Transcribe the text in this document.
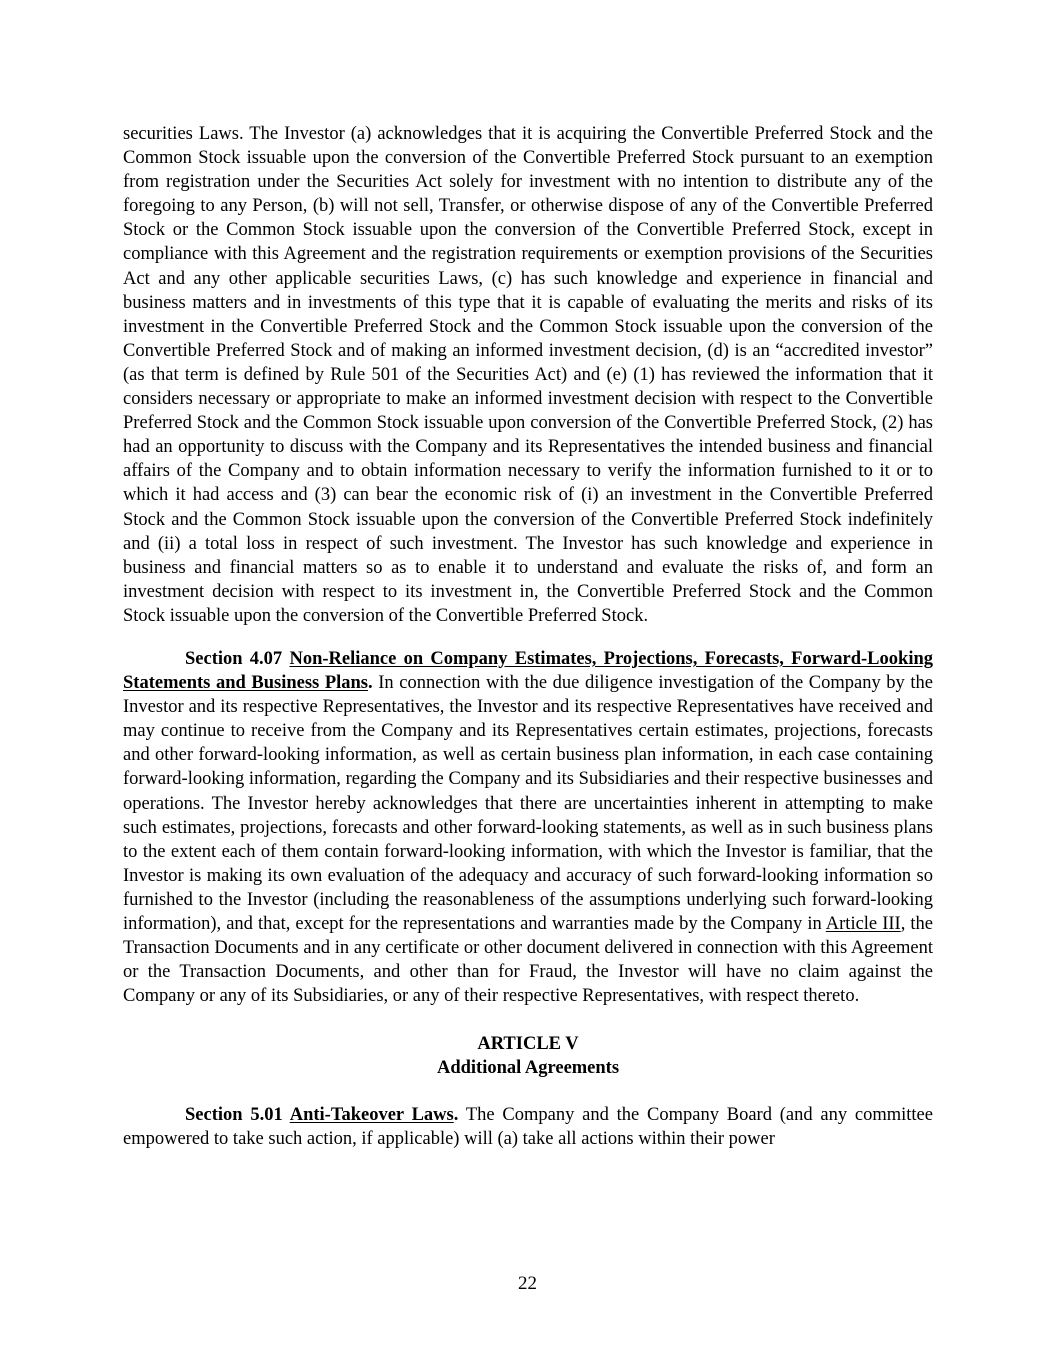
securities Laws. The Investor (a) acknowledges that it is acquiring the Convertible Preferred Stock and the Common Stock issuable upon the conversion of the Convertible Preferred Stock pursuant to an exemption from registration under the Securities Act solely for investment with no intention to distribute any of the foregoing to any Person, (b) will not sell, Transfer, or otherwise dispose of any of the Convertible Preferred Stock or the Common Stock issuable upon the conversion of the Convertible Preferred Stock, except in compliance with this Agreement and the registration requirements or exemption provisions of the Securities Act and any other applicable securities Laws, (c) has such knowledge and experience in financial and business matters and in investments of this type that it is capable of evaluating the merits and risks of its investment in the Convertible Preferred Stock and the Common Stock issuable upon the conversion of the Convertible Preferred Stock and of making an informed investment decision, (d) is an “accredited investor” (as that term is defined by Rule 501 of the Securities Act) and (e) (1) has reviewed the information that it considers necessary or appropriate to make an informed investment decision with respect to the Convertible Preferred Stock and the Common Stock issuable upon conversion of the Convertible Preferred Stock, (2) has had an opportunity to discuss with the Company and its Representatives the intended business and financial affairs of the Company and to obtain information necessary to verify the information furnished to it or to which it had access and (3) can bear the economic risk of (i) an investment in the Convertible Preferred Stock and the Common Stock issuable upon the conversion of the Convertible Preferred Stock indefinitely and (ii) a total loss in respect of such investment. The Investor has such knowledge and experience in business and financial matters so as to enable it to understand and evaluate the risks of, and form an investment decision with respect to its investment in, the Convertible Preferred Stock and the Common Stock issuable upon the conversion of the Convertible Preferred Stock.

Section 4.07 Non-Reliance on Company Estimates, Projections, Forecasts, Forward-Looking Statements and Business Plans. In connection with the due diligence investigation of the Company by the Investor and its respective Representatives, the Investor and its respective Representatives have received and may continue to receive from the Company and its Representatives certain estimates, projections, forecasts and other forward-looking information, as well as certain business plan information, in each case containing forward-looking information, regarding the Company and its Subsidiaries and their respective businesses and operations. The Investor hereby acknowledges that there are uncertainties inherent in attempting to make such estimates, projections, forecasts and other forward-looking statements, as well as in such business plans to the extent each of them contain forward-looking information, with which the Investor is familiar, that the Investor is making its own evaluation of the adequacy and accuracy of such forward-looking information so furnished to the Investor (including the reasonableness of the assumptions underlying such forward-looking information), and that, except for the representations and warranties made by the Company in Article III, the Transaction Documents and in any certificate or other document delivered in connection with this Agreement or the Transaction Documents, and other than for Fraud, the Investor will have no claim against the Company or any of its Subsidiaries, or any of their respective Representatives, with respect thereto.

ARTICLE V
Additional Agreements

Section 5.01 Anti-Takeover Laws. The Company and the Company Board (and any committee empowered to take such action, if applicable) will (a) take all actions within their power

22
